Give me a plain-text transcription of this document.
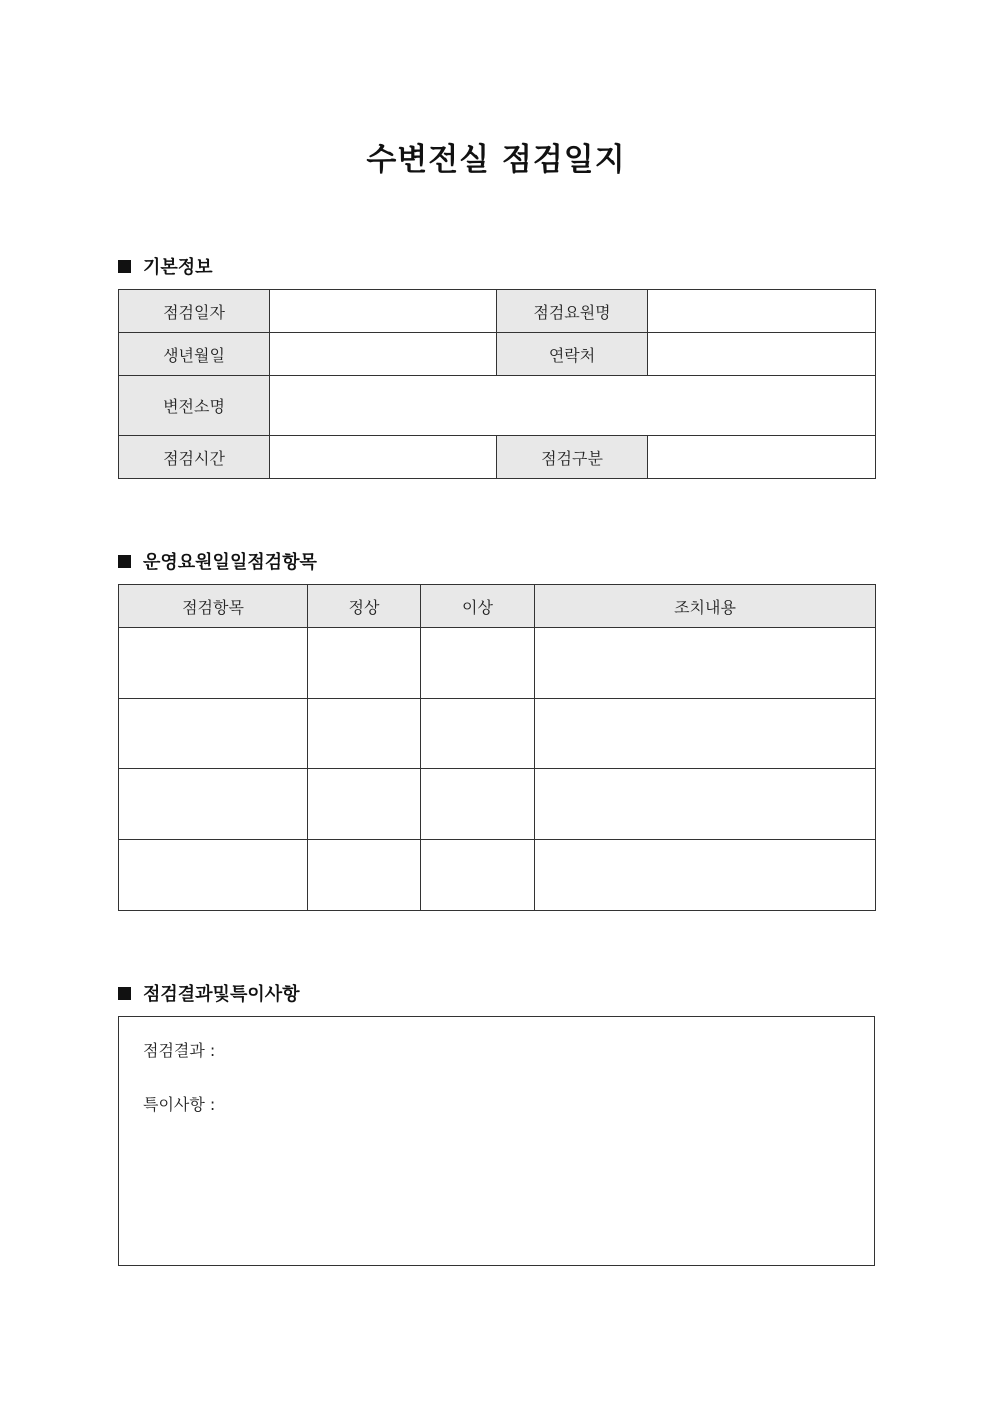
수변전실 점검일지
기본정보
점검일자		점검요원명	
생년월일		연락처	
변전소명			
점검시간		점검구분	
운영요원일일점검항목
점검항목	정상	이상	조치내용

점검결과및특이사항
점검결과 :
특이사항 :
